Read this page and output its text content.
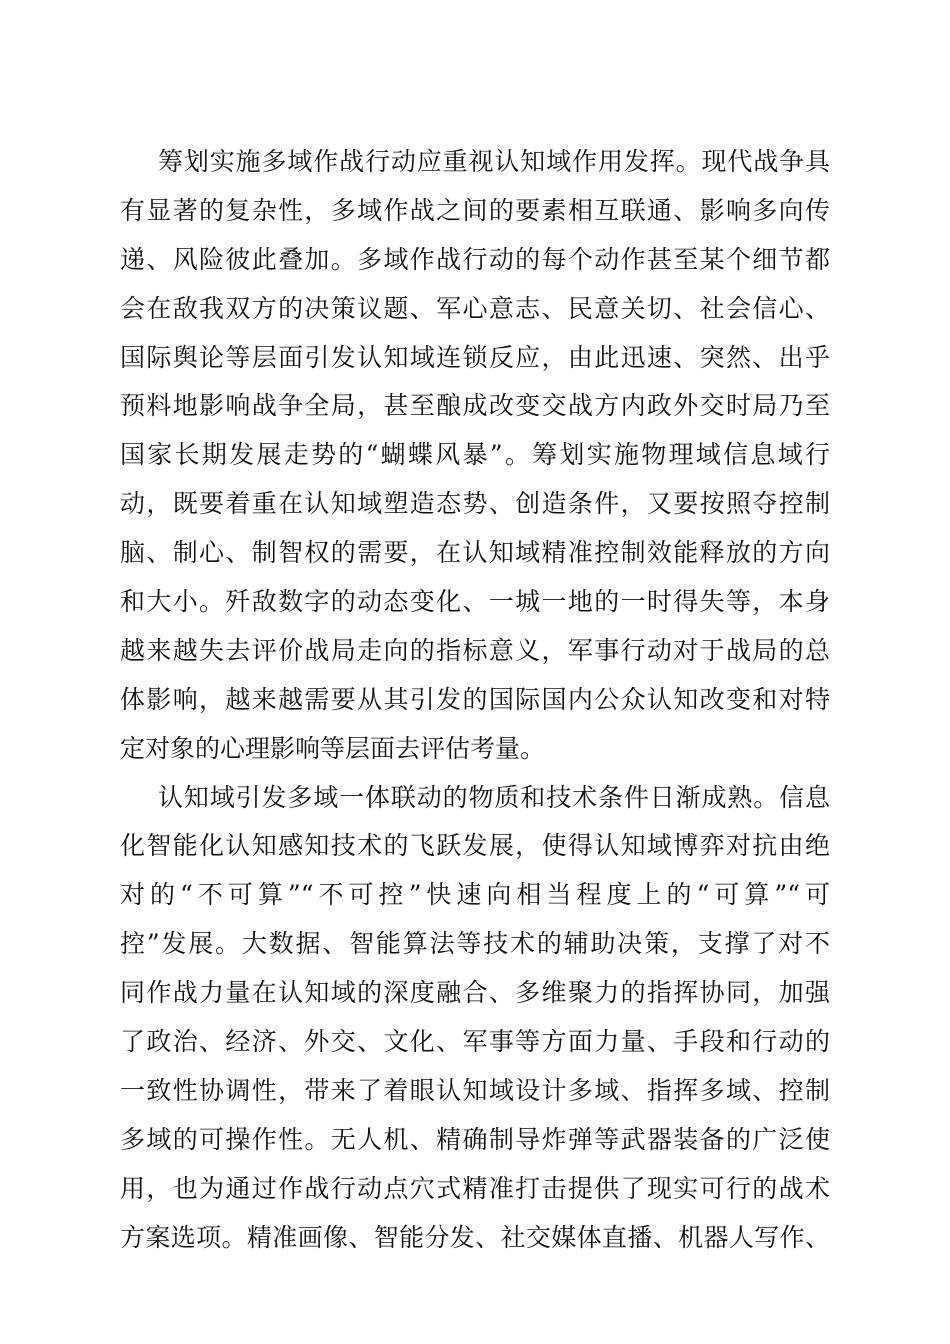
筹划实施多域作战行动应重视认知域作用发挥。现代战争具
有显著的复杂性，多域作战之间的要素相互联通、影响多向传
递、风险彼此叠加。多域作战行动的每个动作甚至某个细节都
会在敌我双方的决策议题、军心意志、民意关切、社会信心、
国际舆论等层面引发认知域连锁反应，由此迅速、突然、出乎
预料地影响战争全局，甚至酿成改变交战方内政外交时局乃至
国家长期发展走势的“蝴蝶风暴”。筹划实施物理域信息域行
动，既要着重在认知域塑造态势、创造条件，又要按照夺控制
脑、制心、制智权的需要，在认知域精准控制效能释放的方向
和大小。歼敌数字的动态变化、一城一地的一时得失等，本身
越来越失去评价战局走向的指标意义，军事行动对于战局的总
体影响，越来越需要从其引发的国际国内公众认知改变和对特
定对象的心理影响等层面去评估考量。
认知域引发多域一体联动的物质和技术条件日渐成熟。信息
化智能化认知感知技术的飞跃发展，使得认知域博弈对抗由绝
对的“不可算”“不可控”快速向相当程度上的“可算”“可
控”发展。大数据、智能算法等技术的辅助决策，支撑了对不
同作战力量在认知域的深度融合、多维聚力的指挥协同，加强
了政治、经济、外交、文化、军事等方面力量、手段和行动的
一致性协调性，带来了着眼认知域设计多域、指挥多域、控制
多域的可操作性。无人机、精确制导炸弹等武器装备的广泛使
用，也为通过作战行动点穴式精准打击提供了现实可行的战术
方案选项。精准画像、智能分发、社交媒体直播、机器人写作、
